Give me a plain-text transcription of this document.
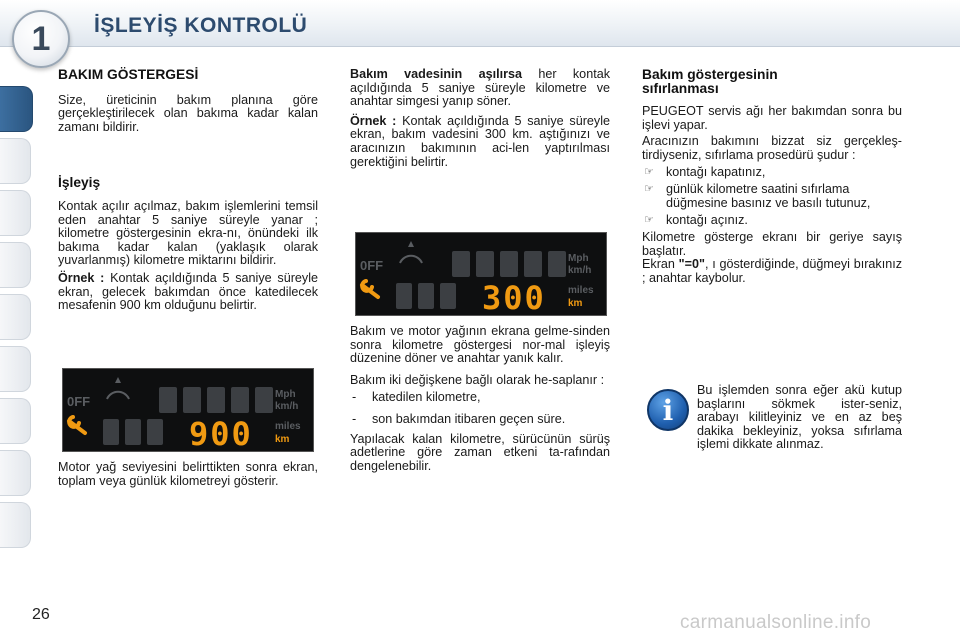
1	İŞLEYİŞ KONTROLÜ
BAKIM GÖSTERGESİ

Size, üreticinin bakım planına göre gerçekleştirilecek olan bakıma kadar kalan zamanı bildirir.

İşleyiş

Kontak açılır açılmaz, bakım işlemlerini temsil eden anahtar 5 saniye süreyle yanar ; kilometre göstergesinin ekra-nı, önündeki ilk bakıma kadar kalan (yaklaşık olarak yuvarlanmış) kilometre miktarını bildirir.

Örnek : Kontak açıldığında 5 saniye süreyle ekran, gelecek bakımdan önce katedilecek mesafenin 900 km olduğunu belirtir.

0FF
900
Mph
km/h
miles
km

Motor yağ seviyesini belirttikten sonra ekran, toplam veya günlük kilometreyi gösterir.

Bakım vadesinin aşılırsa her kontak açıldığında 5 saniye süreyle kilometre ve anahtar simgesi yanıp söner.

Örnek : Kontak açıldığında 5 saniye süreyle ekran, bakım vadesini 300 km. aştığınızı ve aracınızın bakımının aci-len yaptırılması gerektiğini belirtir.

0FF
300
Mph
km/h
miles
km

Bakım ve motor yağının ekrana gelme-sinden sonra kilometre göstergesi nor-mal işleyiş düzenine döner ve anahtar yanık kalır.

Bakım iki değişkene bağlı olarak he-saplanır :

- katedilen kilometre,
- son bakımdan itibaren geçen süre.

Yapılacak kalan kilometre, sürücünün sürüş adetlerine göre zaman etkeni ta-rafından dengelenebilir.

Bakım göstergesinin
sıfırlanması

PEUGEOT servis ağı her bakımdan sonra bu işlevi yapar.

Aracınızın bakımını bizzat siz gerçekleş-tirdiyseniz, sıfırlama prosedürü şudur :

☞ kontağı kapatınız,
☞ günlük kilometre saatini sıfırlama düğmesine basınız ve basılı tutunuz,
☞ kontağı açınız.

Kilometre gösterge ekranı bir geriye sayış başlatır.

Ekran "=0", ı gösterdiğinde, düğmeyi bırakınız ; anahtar kaybolur.

i

Bu işlemden sonra eğer akü kutup başlarını sökmek ister-seniz, arabayı kilitleyiniz ve en az beş dakika bekleyiniz, yoksa sıfırlama işlemi dikkate alınmaz.

26	carmanualsonline.info
